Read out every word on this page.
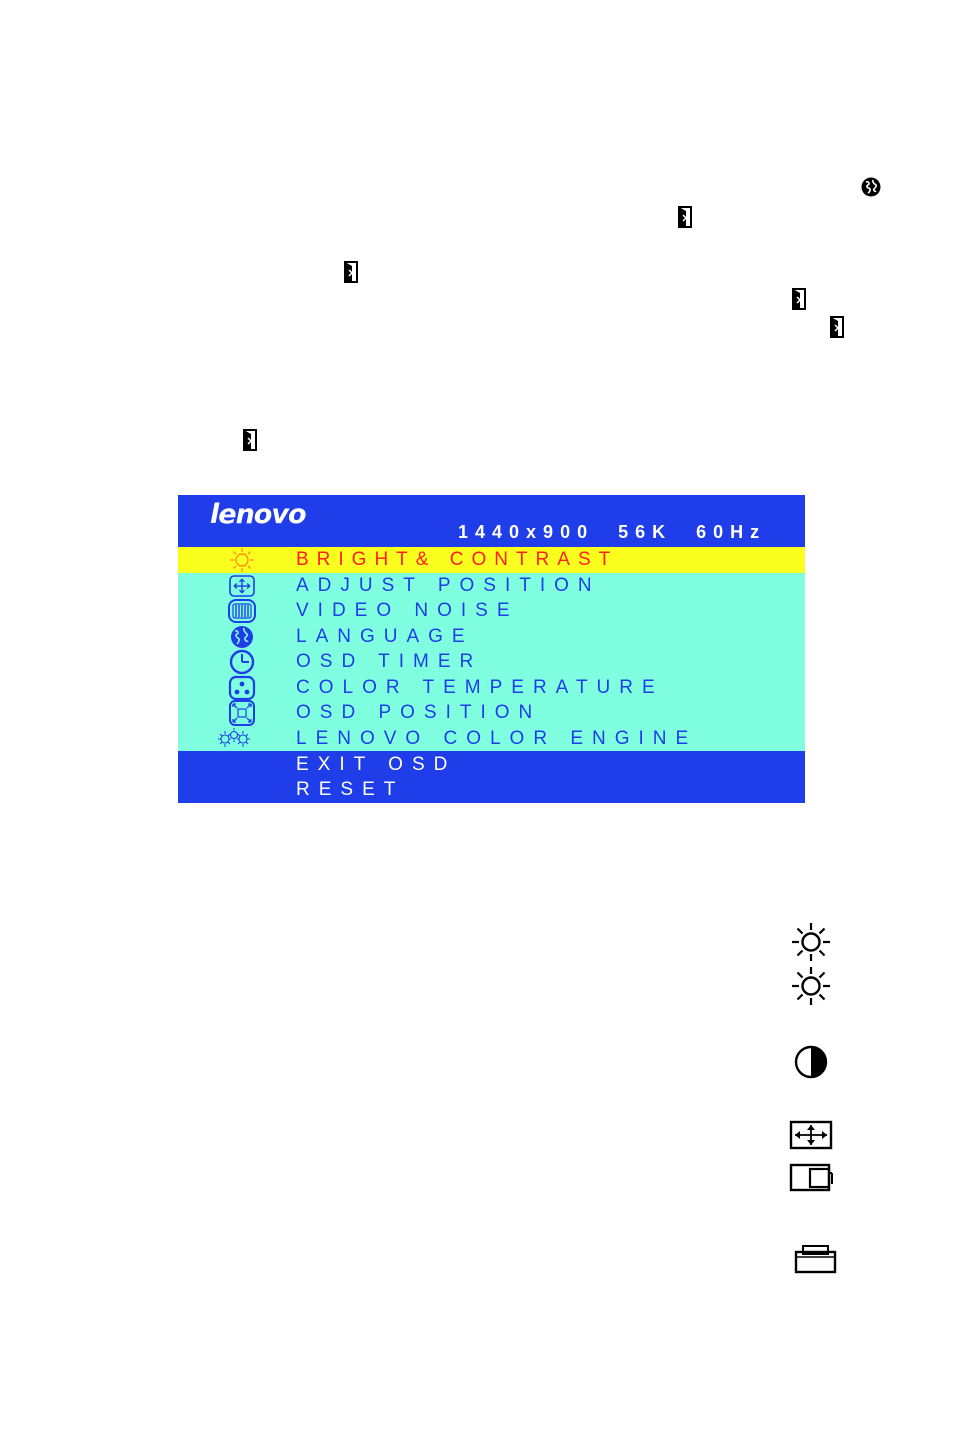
lenovo
1440x900  56K  60Hz
BRIGHT& CONTRAST
ADJUST POSITION
VIDEO NOISE
LANGUAGE
OSD TIMER
COLOR TEMPERATURE
OSD POSITION
LENOVO COLOR ENGINE
EXIT OSD
RESET
